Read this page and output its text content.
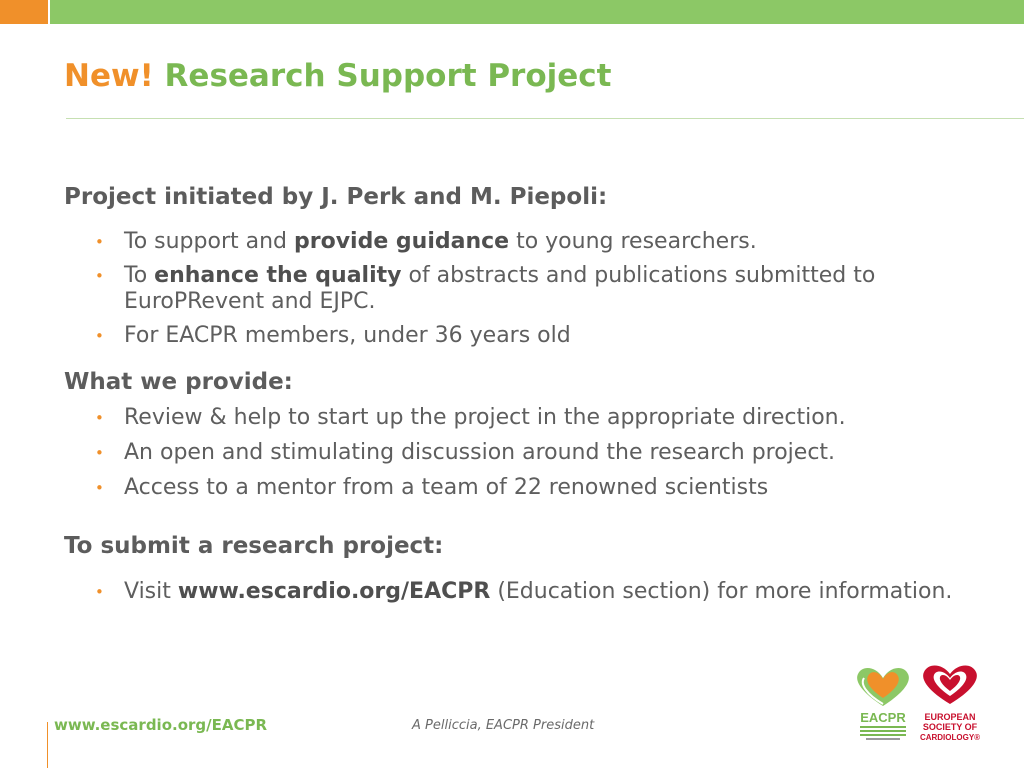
New! Research Support Project
Project initiated by J. Perk and M. Piepoli:
• To support and provide guidance to young researchers.
• To enhance the quality of abstracts and publications submitted to EuroPRevent and EJPC.
• For EACPR members, under 36 years old
What we provide:
• Review & help to start up the project in the appropriate direction.
• An open and stimulating discussion around the research project.
• Access to a mentor from a team of 22 renowned scientists
To submit a research project:
• Visit www.escardio.org/EACPR (Education section) for more information.
www.escardio.org/EACPR	A Pelliccia, EACPR President
EACPR EUROPEAN
SOCIETY OF
CARDIOLOGY®
